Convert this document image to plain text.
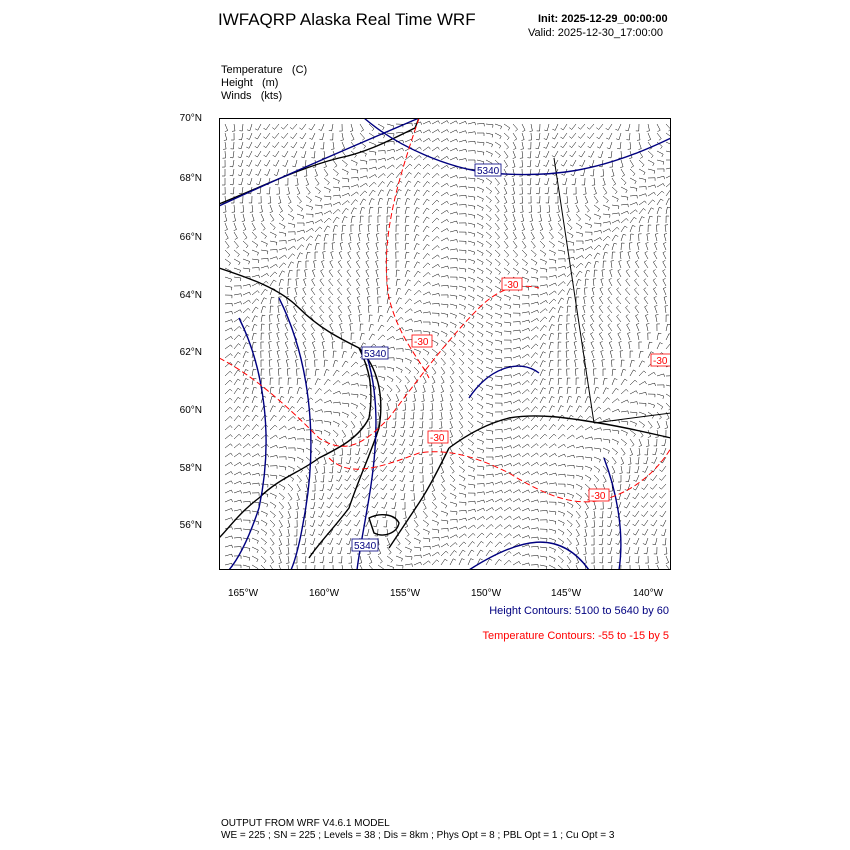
IWFAQRP Alaska Real Time WRF	Init: 2025-12-29_00:00:00
Valid: 2025-12-30_17:00:00
Temperature   (C)
Height   (m)
Winds   (kts)
70°N
68°N
66°N
64°N
62°N
60°N
58°N
56°N
165°W	160°W	155°W	150°W	145°W	140°W
5340
5340
5340
-30
-30
-30
-30
-30
Height Contours: 5100 to 5640 by 60
Temperature Contours: -55 to -15 by 5
OUTPUT FROM WRF V4.6.1 MODEL
WE = 225 ; SN = 225 ; Levels = 38 ; Dis = 8km ; Phys Opt = 8 ; PBL Opt = 1 ; Cu Opt = 3
